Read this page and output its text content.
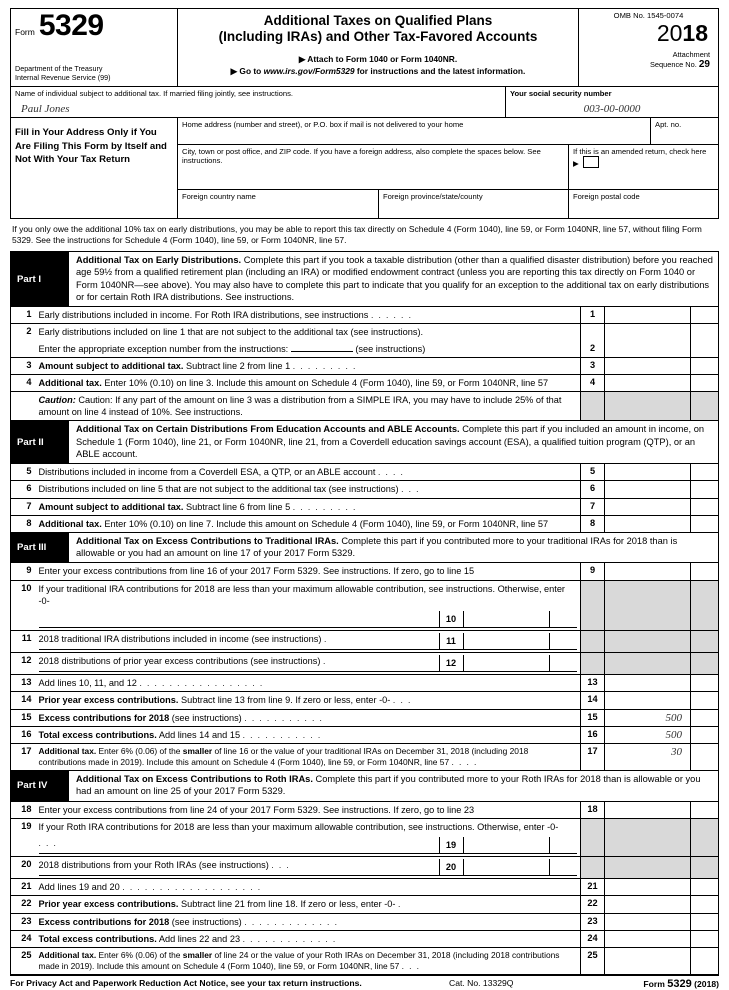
Form 5329
Department of the Treasury
Internal Revenue Service (99)
Additional Taxes on Qualified Plans
(Including IRAs) and Other Tax-Favored Accounts
▶ Attach to Form 1040 or Form 1040NR.
▶ Go to www.irs.gov/Form5329 for instructions and the latest information.
OMB No. 1545-0074
2018
Attachment
Sequence No. 29
Name of individual subject to additional tax. If married filing jointly, see instructions.
Paul Jones
Your social security number
003-00-0000
Fill in Your Address Only if You Are Filing This Form by Itself and Not With Your Tax Return
Home address (number and street), or P.O. box if mail is not delivered to your home	Apt. no.
City, town or post office, and ZIP code. If you have a foreign address, also complete the spaces below. See instructions.
If this is an amended return, check here ▶
Foreign country name	Foreign province/state/county	Foreign postal code
If you only owe the additional 10% tax on early distributions, you may be able to report this tax directly on Schedule 4 (Form 1040), line 59, or Form 1040NR, line 57, without filing Form 5329. See the instructions for Schedule 4 (Form 1040), line 59, or Form 1040NR, line 57.
Part I
Additional Tax on Early Distributions. Complete this part if you took a taxable distribution (other than a qualified disaster distribution) before you reached age 59½ from a qualified retirement plan (including an IRA) or modified endowment contract (unless you are reporting this tax directly on Form 1040 or Form 1040NR—see above). You may also have to complete this part to indicate that you qualify for an exception to the additional tax on early distributions or for certain Roth IRA distributions. See instructions.
1	Early distributions included in income. For Roth IRA distributions, see instructions . . . . . .	1		
2	Early distributions included on line 1 that are not subject to the additional tax (see instructions).			
	Enter the appropriate exception number from the instructions: (see instructions)	2		
3	Amount subject to additional tax. Subtract line 2 from line 1 . . . . . . . . .	3		
4	Additional tax. Enter 10% (0.10) on line 3. Include this amount on Schedule 4 (Form 1040), line 59, or Form 1040NR, line 57	4		
	Caution: Caution: If any part of the amount on line 3 was a distribution from a SIMPLE IRA, you may have to include 25% of that amount on line 4 instead of 10%. See instructions.			
Part II
Additional Tax on Certain Distributions From Education Accounts and ABLE Accounts. Complete this part if you included an amount in income, on Schedule 1 (Form 1040), line 21, or Form 1040NR, line 21, from a Coverdell education savings account (ESA), a qualified tuition program (QTP), or an ABLE account.
5	Distributions included in income from a Coverdell ESA, a QTP, or an ABLE account . . . .	5		
6	Distributions included on line 5 that are not subject to the additional tax (see instructions) . . .	6		
7	Amount subject to additional tax. Subtract line 6 from line 5 . . . . . . . . .	7		
8	Additional tax. Enter 10% (0.10) on line 7. Include this amount on Schedule 4 (Form 1040), line 59, or Form 1040NR, line 57	8		
Part III
Additional Tax on Excess Contributions to Traditional IRAs. Complete this part if you contributed more to your traditional IRAs for 2018 than is allowable or you had an amount on line 17 of your 2017 Form 5329.
9	Enter your excess contributions from line 16 of your 2017 Form 5329. See instructions. If zero, go to line 15	9		
10	If your traditional IRA contributions for 2018 are less than your maximum allowable contribution, see instructions. Otherwise, enter -0-			

	10		

11	2018 traditional IRA distributions included in income (see instructions) .	11		

12	2018 distributions of prior year excess contributions (see instructions) .	12		

13	Add lines 10, 11, and 12 . . . . . . . . . . . . . . . . .	13		
14	Prior year excess contributions. Subtract line 13 from line 9. If zero or less, enter -0- . . .	14		
15	Excess contributions for 2018 (see instructions) . . . . . . . . . . .	15	500	
16	Total excess contributions. Add lines 14 and 15 . . . . . . . . . . .	16	500	
17	Additional tax. Enter 6% (0.06) of the smaller of line 16 or the value of your traditional IRAs on December 31, 2018 (including 2018 contributions made in 2019). Include this amount on Schedule 4 (Form 1040), line 59, or Form 1040NR, line 57 . . . .	17	30	
Part IV
Additional Tax on Excess Contributions to Roth IRAs. Complete this part if you contributed more to your Roth IRAs for 2018 than is allowable or you had an amount on line 25 of your 2017 Form 5329.
18	Enter your excess contributions from line 24 of your 2017 Form 5329. See instructions. If zero, go to line 23	18		
19	If your Roth IRA contributions for 2018 are less than your maximum allowable contribution, see instructions. Otherwise, enter -0-			

. . .	19		

20	2018 distributions from your Roth IRAs (see instructions) . . .	20		

21	Add lines 19 and 20 . . . . . . . . . . . . . . . . . . .	21		
22	Prior year excess contributions. Subtract line 21 from line 18. If zero or less, enter -0- .	22		
23	Excess contributions for 2018 (see instructions) . . . . . . . . . . . . .	23		
24	Total excess contributions. Add lines 22 and 23 . . . . . . . . . . . . .	24		
25	Additional tax. Enter 6% (0.06) of the smaller of line 24 or the value of your Roth IRAs on December 31, 2018 (including 2018 contributions made in 2019). Include this amount on Schedule 4 (Form 1040), line 59, or Form 1040NR, line 57 . . .	25		
For Privacy Act and Paperwork Reduction Act Notice, see your tax return instructions.	Cat. No. 13329Q	Form 5329 (2018)
